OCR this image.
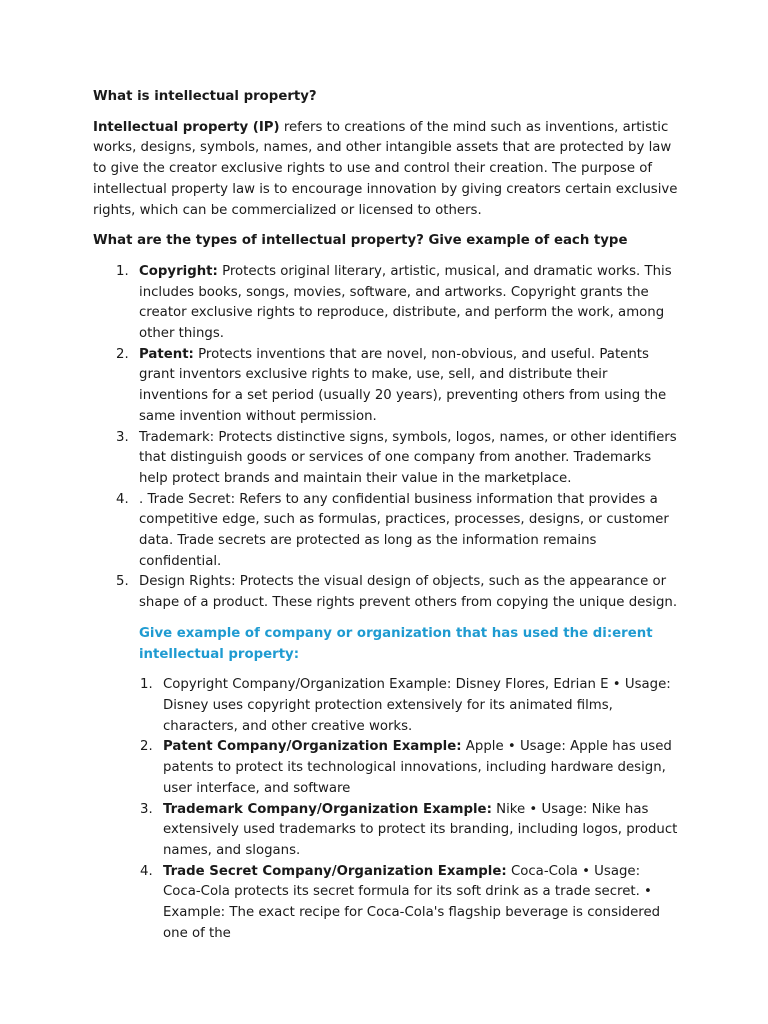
What is intellectual property?

Intellectual property (IP) refers to creations of the mind such as inventions, artistic works, designs, symbols, names, and other intangible assets that are protected by law to give the creator exclusive rights to use and control their creation. The purpose of intellectual property law is to encourage innovation by giving creators certain exclusive rights, which can be commercialized or licensed to others.

What are the types of intellectual property? Give example of each type

1. Copyright: Protects original literary, artistic, musical, and dramatic works. This includes books, songs, movies, software, and artworks. Copyright grants the creator exclusive rights to reproduce, distribute, and perform the work, among other things.
2. Patent: Protects inventions that are novel, non-obvious, and useful. Patents grant inventors exclusive rights to make, use, sell, and distribute their inventions for a set period (usually 20 years), preventing others from using the same invention without permission.
3. Trademark: Protects distinctive signs, symbols, logos, names, or other identifiers that distinguish goods or services of one company from another. Trademarks help protect brands and maintain their value in the marketplace.
4. . Trade Secret: Refers to any confidential business information that provides a competitive edge, such as formulas, practices, processes, designs, or customer data. Trade secrets are protected as long as the information remains confidential.
5. Design Rights: Protects the visual design of objects, such as the appearance or shape of a product. These rights prevent others from copying the unique design.

Give example of company or organization that has used the di:erent intellectual property:

1. Copyright Company/Organization Example: Disney Flores, Edrian E • Usage: Disney uses copyright protection extensively for its animated films, characters, and other creative works.
2. Patent Company/Organization Example: Apple • Usage: Apple has used patents to protect its technological innovations, including hardware design, user interface, and software
3. Trademark Company/Organization Example: Nike • Usage: Nike has extensively used trademarks to protect its branding, including logos, product names, and slogans.
4. Trade Secret Company/Organization Example: Coca-Cola • Usage: Coca-Cola protects its secret formula for its soft drink as a trade secret. • Example: The exact recipe for Coca-Cola's flagship beverage is considered one of the
